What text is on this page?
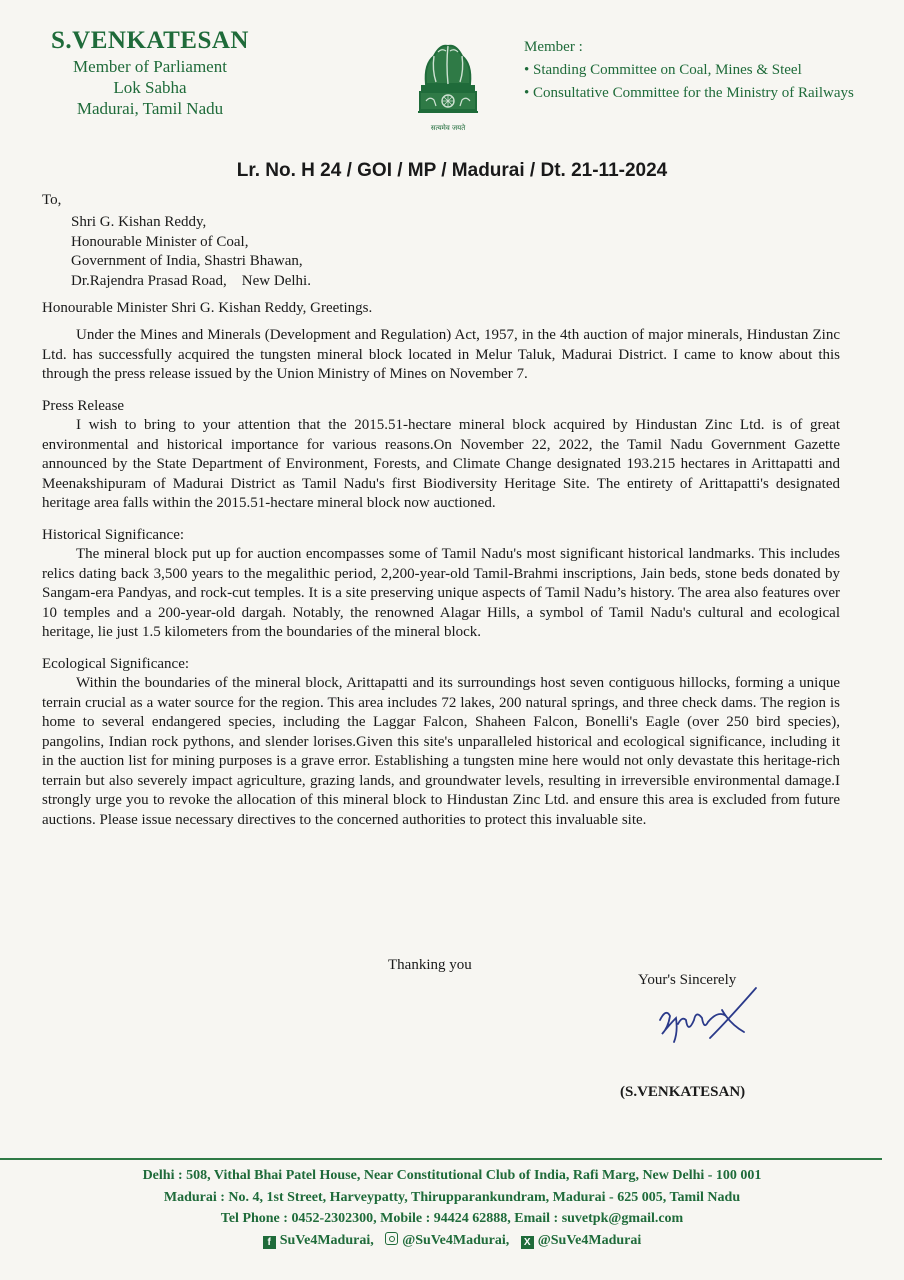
S.VENKATESAN
Member of Parliament
Lok Sabha
Madurai, Tamil Nadu
सत्यमेव जयते
Member :
• Standing Committee on Coal, Mines & Steel
• Consultative Committee for the Ministry of Railways
Lr. No. H 24 / GOI / MP / Madurai / Dt. 21-11-2024
To,
Shri G. Kishan Reddy,
Honourable Minister of Coal,
Government of India, Shastri Bhawan,
Dr.Rajendra Prasad Road,    New Delhi.
Honourable Minister Shri G. Kishan Reddy, Greetings.

Under the Mines and Minerals (Development and Regulation) Act, 1957, in the 4th auction of major minerals, Hindustan Zinc Ltd. has successfully acquired the tungsten mineral block located in Melur Taluk, Madurai District. I came to know about this through the press release issued by the Union Ministry of Mines on November 7.

Press Release

I wish to bring to your attention that the 2015.51-hectare mineral block acquired by Hindustan Zinc Ltd. is of great environmental and historical importance for various reasons.On November 22, 2022, the Tamil Nadu Government Gazette announced by the State Department of Environment, Forests, and Climate Change designated 193.215 hectares in Arittapatti and Meenakshipuram of Madurai District as Tamil Nadu's first Biodiversity Heritage Site. The entirety of Arittapatti's designated heritage area falls within the 2015.51-hectare mineral block now auctioned.

Historical Significance:

The mineral block put up for auction encompasses some of Tamil Nadu's most significant historical landmarks. This includes relics dating back 3,500 years to the megalithic period, 2,200-year-old Tamil-Brahmi inscriptions, Jain beds, stone beds donated by Sangam-era Pandyas, and rock-cut temples. It is a site preserving unique aspects of Tamil Nadu’s history. The area also features over 10 temples and a 200-year-old dargah. Notably, the renowned Alagar Hills, a symbol of Tamil Nadu's cultural and ecological heritage, lie just 1.5 kilometers from the boundaries of the mineral block.

Ecological Significance:

Within the boundaries of the mineral block, Arittapatti and its surroundings host seven contiguous hillocks, forming a unique terrain crucial as a water source for the region. This area includes 72 lakes, 200 natural springs, and three check dams. The region is home to several endangered species, including the Laggar Falcon, Shaheen Falcon, Bonelli's Eagle (over 250 bird species), pangolins, Indian rock pythons, and slender lorises.Given this site's unparalleled historical and ecological significance, including it in the auction list for mining purposes is a grave error. Establishing a tungsten mine here would not only devastate this heritage-rich terrain but also severely impact agriculture, grazing lands, and groundwater levels, resulting in irreversible environmental damage.I strongly urge you to revoke the allocation of this mineral block to Hindustan Zinc Ltd. and ensure this area is excluded from future auctions. Please issue necessary directives to the concerned authorities to protect this invaluable site.

Thanking you
Your's Sincerely
(S.VENKATESAN)
Delhi : 508, Vithal Bhai Patel House, Near Constitutional Club of India, Rafi Marg, New Delhi - 100 001
Madurai : No. 4, 1st Street, Harveypatty, Thirupparankundram, Madurai - 625 005, Tamil Nadu
Tel Phone : 0452-2302300, Mobile : 94424 62888, Email : suvetpk@gmail.com
f SuVe4Madurai, @SuVe4Madurai, X @SuVe4Madurai
